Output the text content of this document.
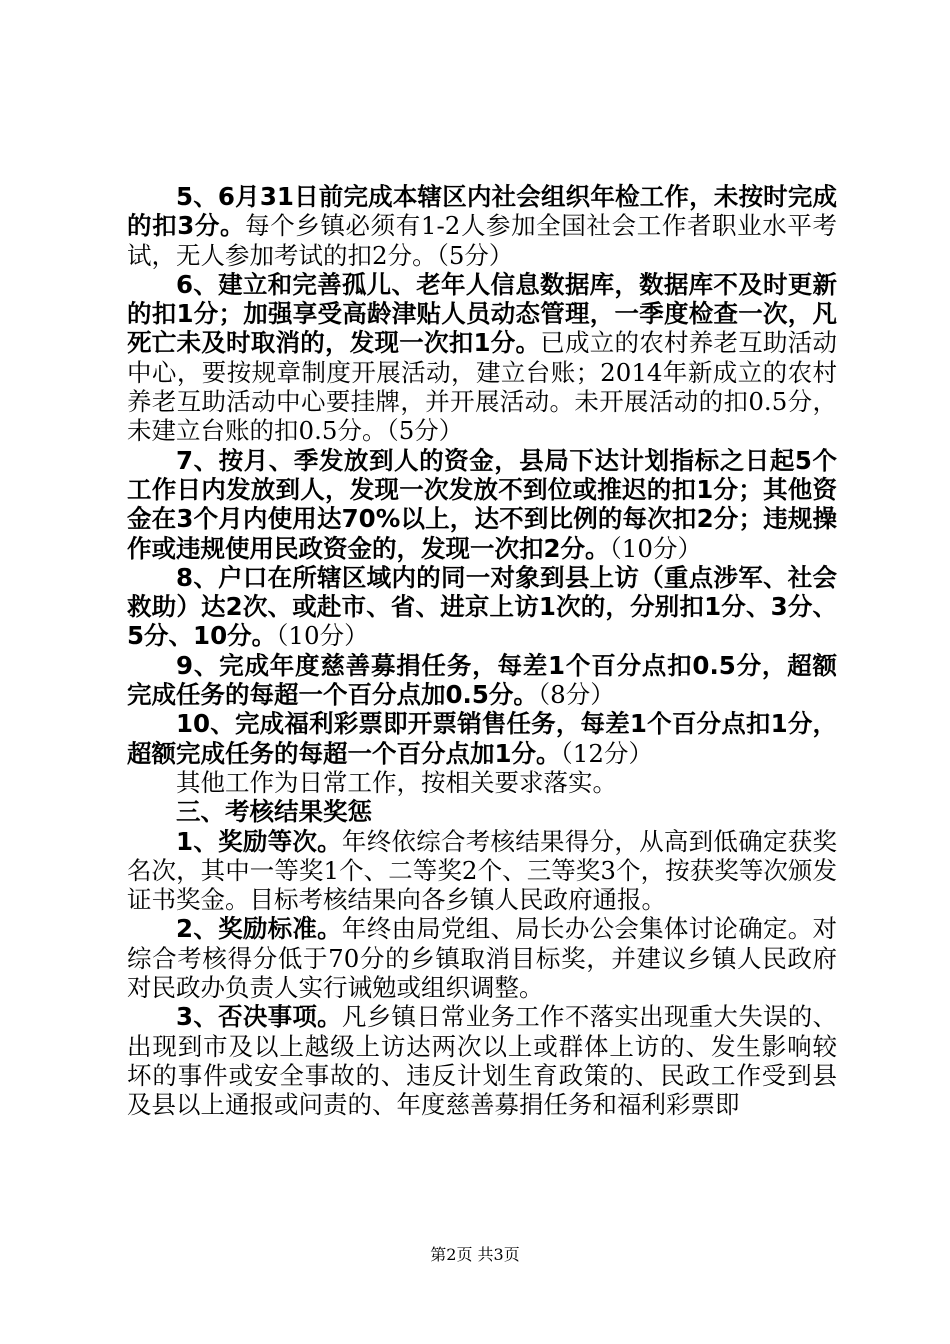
5、6月31日前完成本辖区内社会组织年检工作，未按时完成的扣3分。每个乡镇必须有1-2人参加全国社会工作者职业水平考试，无人参加考试的扣2分。（5分）

6、建立和完善孤儿、老年人信息数据库，数据库不及时更新的扣1分；加强享受高龄津贴人员动态管理，一季度检查一次，凡死亡未及时取消的，发现一次扣1分。已成立的农村养老互助活动中心，要按规章制度开展活动，建立台账；2014年新成立的农村养老互助活动中心要挂牌，并开展活动。未开展活动的扣0.5分，未建立台账的扣0.5分。（5分）

7、按月、季发放到人的资金，县局下达计划指标之日起5个工作日内发放到人，发现一次发放不到位或推迟的扣1分；其他资金在3个月内使用达70%以上，达不到比例的每次扣2分；违规操作或违规使用民政资金的，发现一次扣2分。（10分）

8、户口在所辖区域内的同一对象到县上访（重点涉军、社会救助）达2次、或赴市、省、进京上访1次的，分别扣1分、3分、5分、10分。（10分）

9、完成年度慈善募捐任务，每差1个百分点扣0.5分，超额完成任务的每超一个百分点加0.5分。（8分）

10、完成福利彩票即开票销售任务，每差1个百分点扣1分，超额完成任务的每超一个百分点加1分。（12分）

其他工作为日常工作，按相关要求落实。

三、考核结果奖惩

1、奖励等次。年终依综合考核结果得分，从高到低确定获奖名次，其中一等奖1个、二等奖2个、三等奖3个，按获奖等次颁发证书奖金。目标考核结果向各乡镇人民政府通报。

2、奖励标准。年终由局党组、局长办公会集体讨论确定。对综合考核得分低于70分的乡镇取消目标奖，并建议乡镇人民政府对民政办负责人实行诫勉或组织调整。

3、否决事项。凡乡镇日常业务工作不落实出现重大失误的、出现到市及以上越级上访达两次以上或群体上访的、发生影响较坏的事件或安全事故的、违反计划生育政策的、民政工作受到县及县以上通报或问责的、年度慈善募捐任务和福利彩票即

第2页 共3页
